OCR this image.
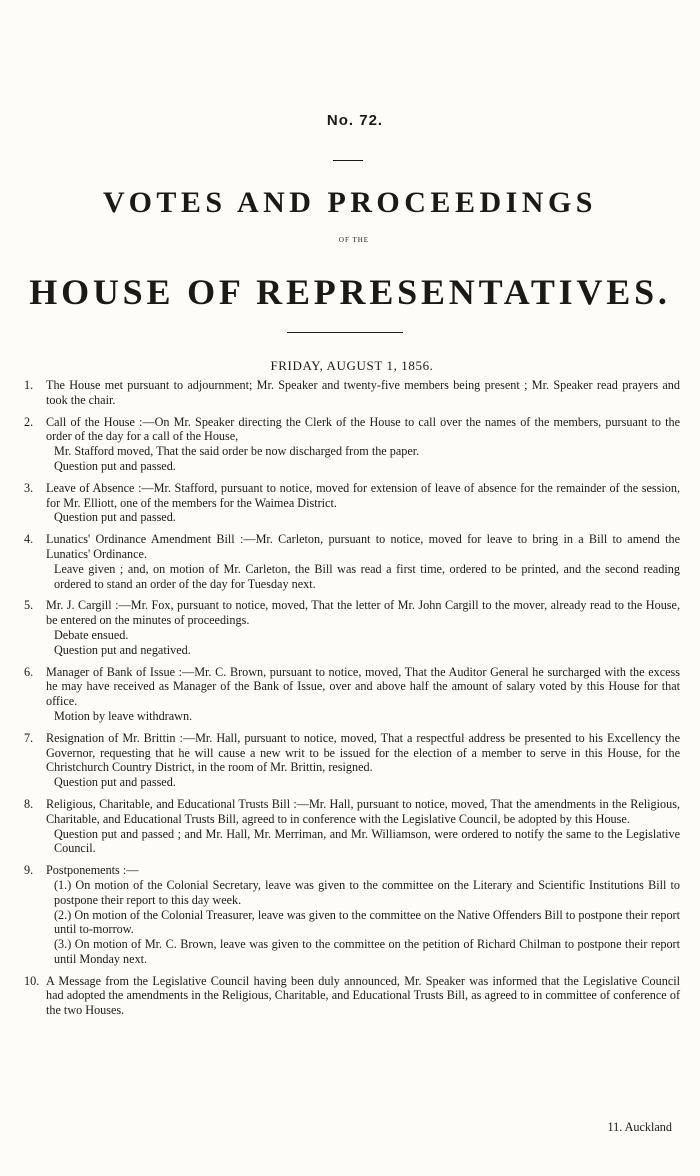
No. 72.
VOTES AND PROCEEDINGS
OF THE
HOUSE OF REPRESENTATIVES.
FRIDAY, AUGUST 1, 1856.
1. The House met pursuant to adjournment; Mr. Speaker and twenty-five members being present ; Mr. Speaker read prayers and took the chair.
2. Call of the House :—On Mr. Speaker directing the Clerk of the House to call over the names of the members, pursuant to the order of the day for a call of the House,
Mr. Stafford moved, That the said order be now discharged from the paper.
Question put and passed.
3. Leave of Absence :—Mr. Stafford, pursuant to notice, moved for extension of leave of absence for the remainder of the session, for Mr. Elliott, one of the members for the Waimea District.
Question put and passed.
4. Lunatics' Ordinance Amendment Bill :—Mr. Carleton, pursuant to notice, moved for leave to bring in a Bill to amend the Lunatics' Ordinance.
Leave given ; and, on motion of Mr. Carleton, the Bill was read a first time, ordered to be printed, and the second reading ordered to stand an order of the day for Tuesday next.
5. Mr. J. Cargill :—Mr. Fox, pursuant to notice, moved, That the letter of Mr. John Cargill to the mover, already read to the House, be entered on the minutes of proceedings.
Debate ensued.
Question put and negatived.
6. Manager of Bank of Issue :—Mr. C. Brown, pursuant to notice, moved, That the Auditor General he surcharged with the excess he may have received as Manager of the Bank of Issue, over and above half the amount of salary voted by this House for that office.
Motion by leave withdrawn.
7. Resignation of Mr. Brittin :—Mr. Hall, pursuant to notice, moved, That a respectful address be presented to his Excellency the Governor, requesting that he will cause a new writ to be issued for the election of a member to serve in this House, for the Christchurch Country District, in the room of Mr. Brittin, resigned.
Question put and passed.
8. Religious, Charitable, and Educational Trusts Bill :—Mr. Hall, pursuant to notice, moved, That the amendments in the Religious, Charitable, and Educational Trusts Bill, agreed to in conference with the Legislative Council, be adopted by this House.
Question put and passed ; and Mr. Hall, Mr. Merriman, and Mr. Williamson, were ordered to notify the same to the Legislative Council.
9. Postponements :—
(1.) On motion of the Colonial Secretary, leave was given to the committee on the Literary and Scientific Institutions Bill to postpone their report to this day week.
(2.) On motion of the Colonial Treasurer, leave was given to the committee on the Native Offenders Bill to postpone their report until to-morrow.
(3.) On motion of Mr. C. Brown, leave was given to the committee on the petition of Richard Chilman to postpone their report until Monday next.
10. A Message from the Legislative Council having been duly announced, Mr. Speaker was informed that the Legislative Council had adopted the amendments in the Religious, Charitable, and Educational Trusts Bill, as agreed to in committee of conference of the two Houses.
11. Auckland
